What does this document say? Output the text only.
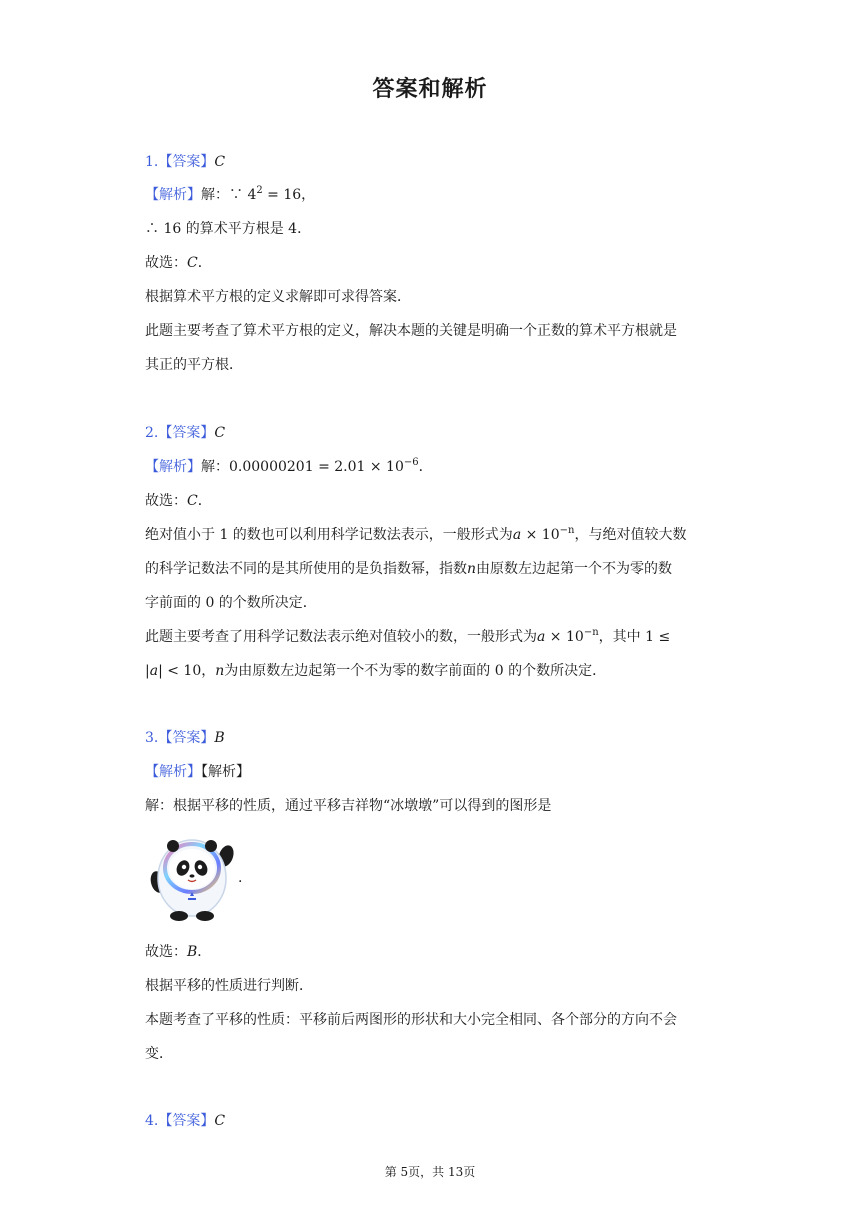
答案和解析
1.【答案】C
【解析】解：∵ $4^2 = 16$，
∴ 16 的算术平方根是 4．
故选：C．
根据算术平方根的定义求解即可求得答案．
此题主要考查了算术平方根的定义，解决本题的关键是明确一个正数的算术平方根就是
其正的平方根．
2.【答案】C
【解析】解：$0.00000201 = 2.01 \times 10^{-6}$．
故选：C．
绝对值小于 1 的数也可以利用科学记数法表示，一般形式为$a \times 10^{-n}$，与绝对值较大数
的科学记数法不同的是其所使用的是负指数幂，指数n由原数左边起第一个不为零的数
字前面的 0 的个数所决定．
此题主要考查了用科学记数法表示绝对值较小的数，一般形式为$a \times 10^{-n}$，其中 1 ≤
|a| < 10，n为由原数左边起第一个不为零的数字前面的 0 的个数所决定．
3.【答案】B
【解析】【解析】
解：根据平移的性质，通过平移吉祥物“冰墩墩”可以得到的图形是
.
故选：B．
根据平移的性质进行判断．
本题考查了平移的性质：平移前后两图形的形状和大小完全相同、各个部分的方向不会
变．
4.【答案】C
第 5页，共 13页
